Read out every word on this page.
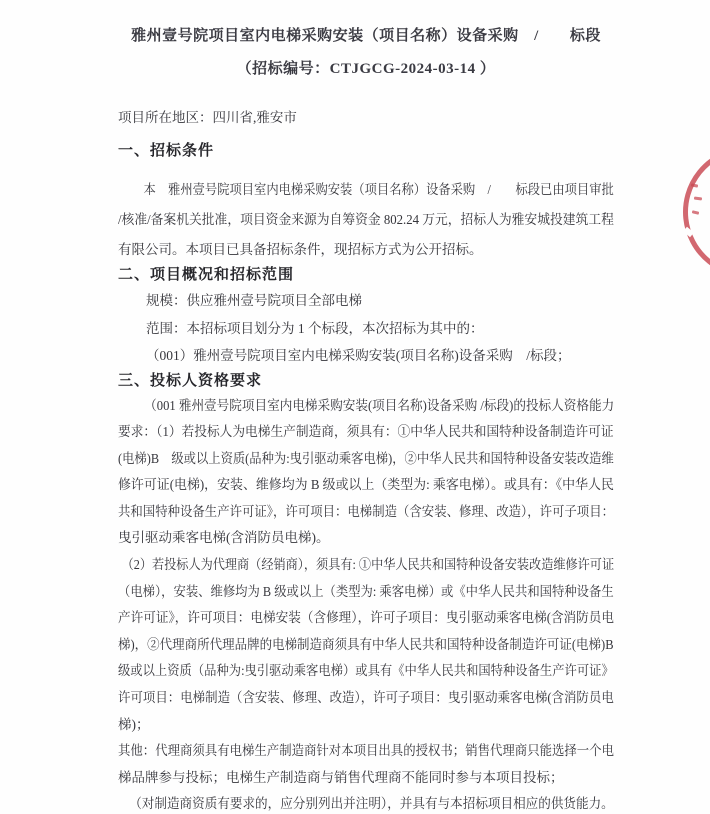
雅州壹号院项目室内电梯采购安装（项目名称）设备采购　/　　标段

（招标编号：CTJGCG-2024-03-14 ）

项目所在地区：四川省,雅安市

一、招标条件

本　雅州壹号院项目室内电梯采购安装（项目名称）设备采购　/　　标段已由项目审批

/核准/备案机关批准，项目资金来源为自筹资金 802.24 万元，招标人为雅安城投建筑工程

有限公司。本项目已具备招标条件，现招标方式为公开招标。

二、项目概况和招标范围

规模：供应雅州壹号院项目全部电梯

范围：本招标项目划分为 1 个标段，本次招标为其中的：

（001）雅州壹号院项目室内电梯采购安装(项目名称)设备采购　/标段；

三、投标人资格要求

（001 雅州壹号院项目室内电梯采购安装(项目名称)设备采购 /标段)的投标人资格能力

要求：（1）若投标人为电梯生产制造商，须具有：①中华人民共和国特种设备制造许可证

(电梯)B　级或以上资质(品种为:曳引驱动乘客电梯)，②中华人民共和国特种设备安装改造维

修许可证(电梯)，安装、维修均为 B 级或以上（类型为: 乘客电梯）。或具有：《中华人民

共和国特种设备生产许可证》，许可项目：电梯制造（含安装、修理、改造），许可子项目：

曳引驱动乘客电梯(含消防员电梯)。

（2）若投标人为代理商（经销商），须具有: ①中华人民共和国特种设备安装改造维修许可证

（电梯），安装、维修均为 B 级或以上（类型为: 乘客电梯）或《中华人民共和国特种设备生

产许可证》，许可项目：电梯安装（含修理），许可子项目：曳引驱动乘客电梯(含消防员电

梯)，②代理商所代理品牌的电梯制造商须具有中华人民共和国特种设备制造许可证(电梯)B

级或以上资质（品种为:曳引驱动乘客电梯）或具有《中华人民共和国特种设备生产许可证》

许可项目：电梯制造（含安装、修理、改造），许可子项目：曳引驱动乘客电梯(含消防员电

梯)；

其他：代理商须具有电梯生产制造商针对本项目出具的授权书；销售代理商只能选择一个电

梯品牌参与投标；电梯生产制造商与销售代理商不能同时参与本项目投标；

（对制造商资质有要求的，应分别列出并注明），并具有与本招标项目相应的供货能力。
